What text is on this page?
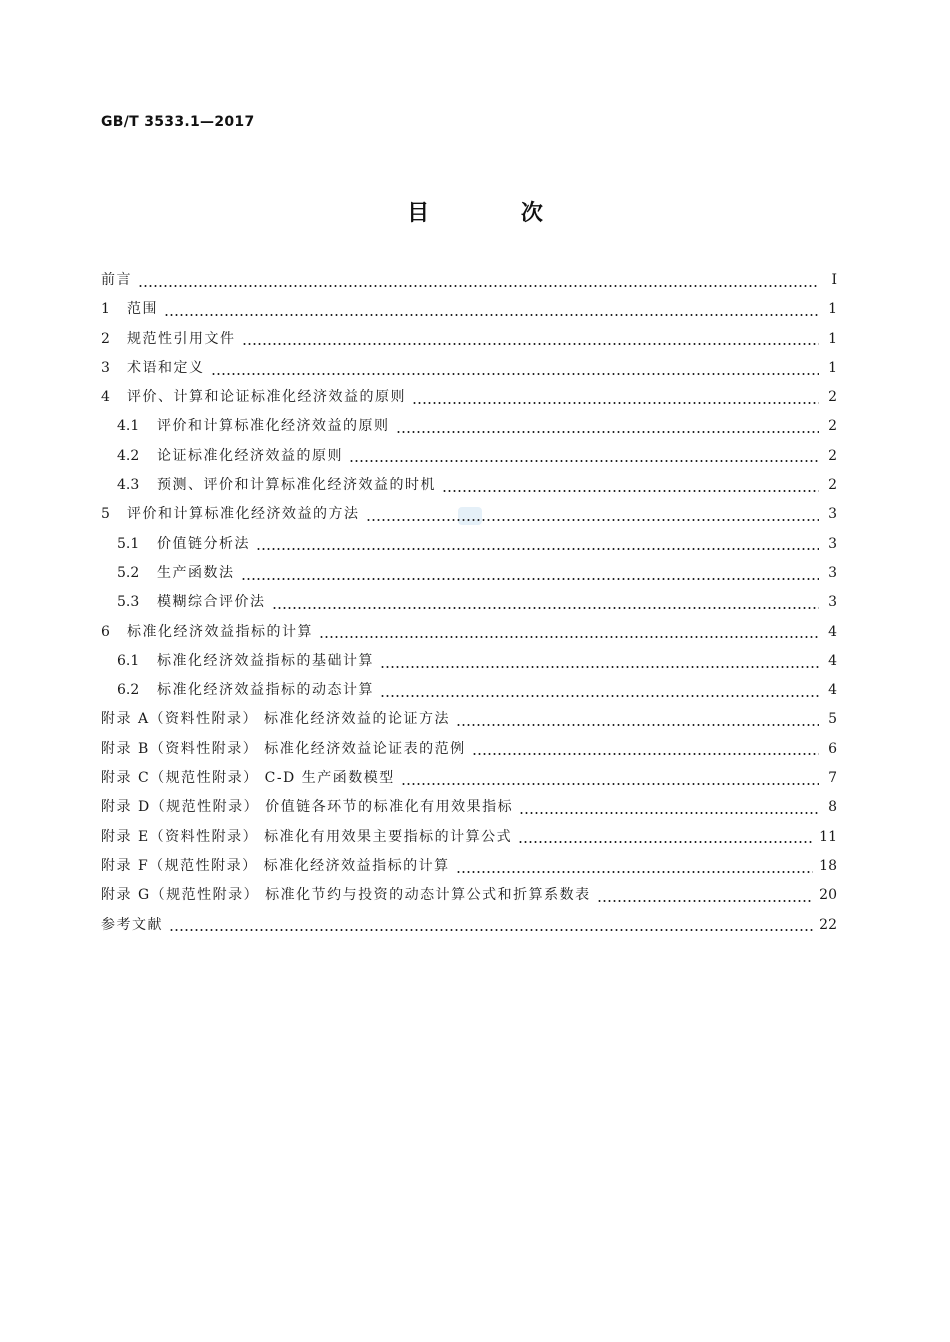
GB/T 3533.1—2017
目 次
前言	Ⅰ
1	范围	1
2	规范性引用文件	1
3	术语和定义	1
4	评价、计算和论证标准化经济效益的原则	2
4.1	评价和计算标准化经济效益的原则	2
4.2	论证标准化经济效益的原则	2
4.3	预测、评价和计算标准化经济效益的时机	2
5	评价和计算标准化经济效益的方法	3
5.1	价值链分析法	3
5.2	生产函数法	3
5.3	模糊综合评价法	3
6	标准化经济效益指标的计算	4
6.1	标准化经济效益指标的基础计算	4
6.2	标准化经济效益指标的动态计算	4
附录 A（资料性附录） 标准化经济效益的论证方法	5
附录 B（资料性附录） 标准化经济效益论证表的范例	6
附录 C（规范性附录） C-D 生产函数模型	7
附录 D（规范性附录） 价值链各环节的标准化有用效果指标	8
附录 E（资料性附录） 标准化有用效果主要指标的计算公式	11
附录 F（规范性附录） 标准化经济效益指标的计算	18
附录 G（规范性附录） 标准化节约与投资的动态计算公式和折算系数表	20
参考文献	22
